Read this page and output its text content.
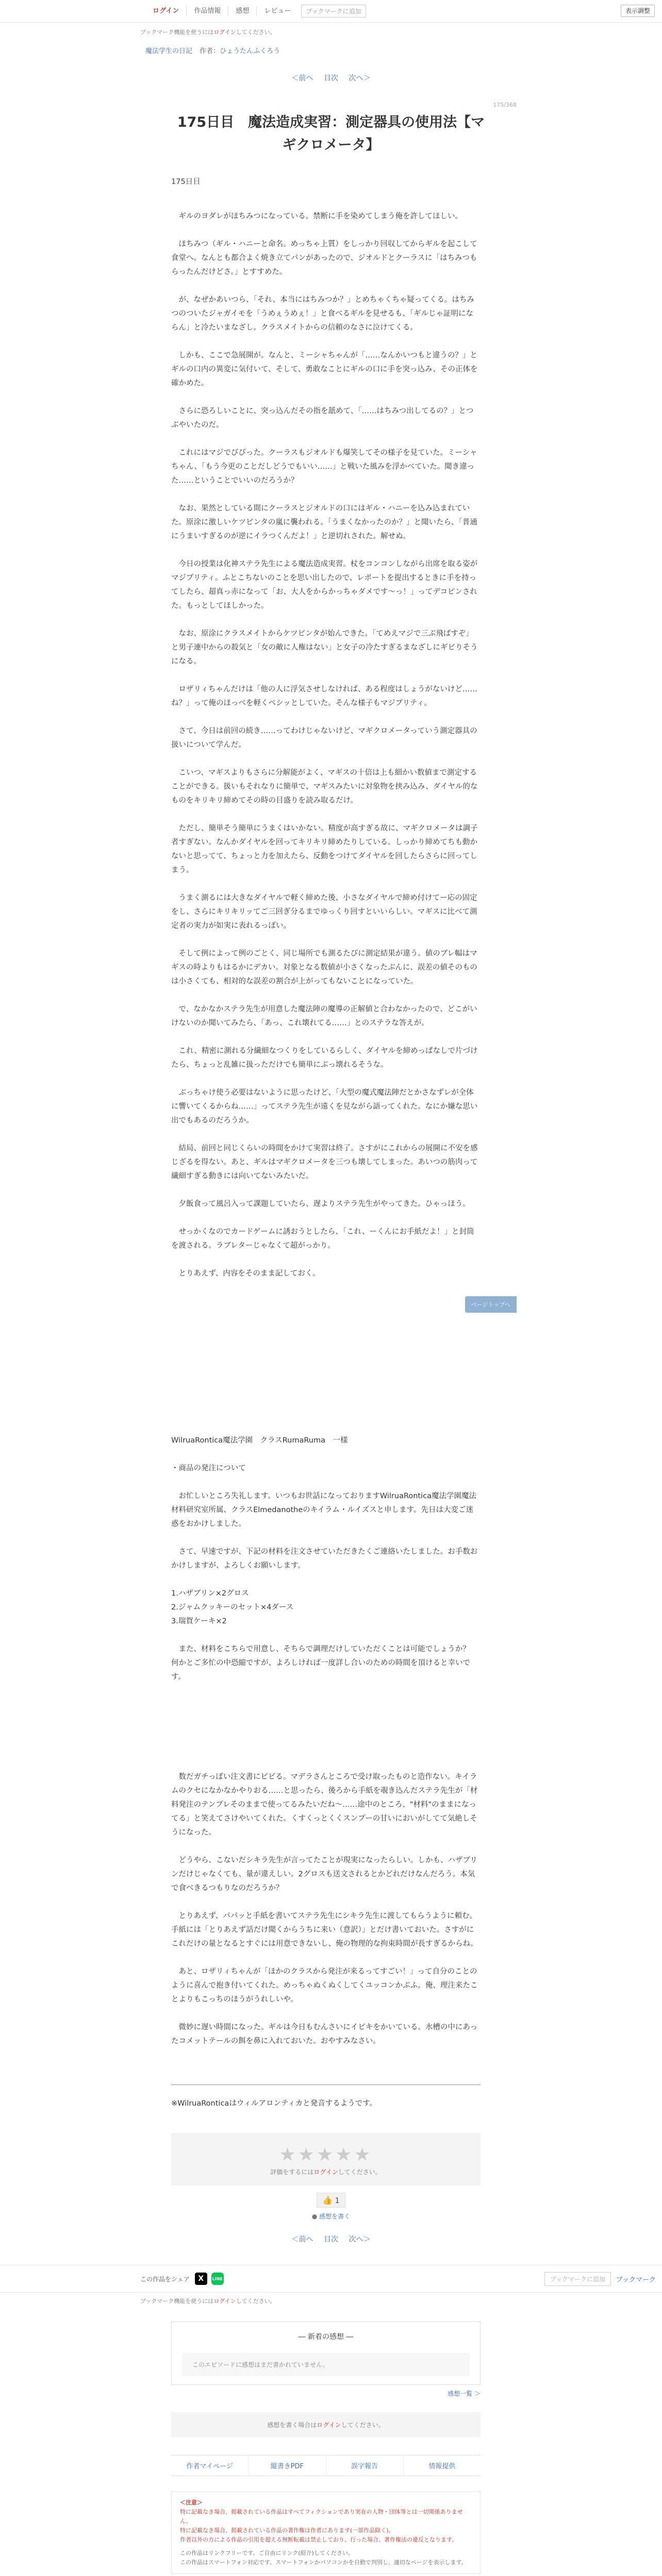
ログイン	作品情報	感想	レビュー	ブックマークに追加	表示調整
ブックマーク機能を使うにはログインしてください。
魔法学生の日記 作者：ひょうたんふくろう
＜前へ 目次 次へ＞
175/368
175日目　魔法造成実習：測定器具の使用法【マギクロメータ】

175日目

　ギルのヨダレがほちみつになっている。禁断に手を染めてしまう俺を許してほしい。

　ほちみつ（ギル・ハニーと命名。めっちゃ上質）をしっかり回収してからギルを起こして食堂へ。なんとも都合よく焼き立てパンがあったので、ジオルドとクーラスに「はちみつもらったんだけどさ。」とすすめた。

　が、なぜかあいつら、「それ、本当にはちみつか？」とめちゃくちゃ疑ってくる。はちみつのついたジャガイモを「うめぇうめぇ！」と食べるギルを見せるも、「ギルじゃ証明にならん」と冷たいまなざし。クラスメイトからの信頼のなさに泣けてくる。

　しかも、ここで急展開が。なんと、ミーシャちゃんが「……なんかいつもと違うの？」とギルの口内の異変に気付いて、そして、勇敢なことにギルの口に手を突っ込み、その正体を確かめた。

　さらに恐ろしいことに、突っ込んだその指を舐めて、「……はちみつ出してるの？」とつぶやいたのだ。

　これにはマジでびびった。クーラスもジオルドも爆笑してその様子を見ていた。ミーシャちゃん、「もう今更のことだしどうでもいい……」と戦いた風みを浮かべていた。聞き違った……ということでいいのだろうか？

　なお、果然としている間にクーラスとジオルドの口にはギル・ハニーを込み込まれていた。原涂に激しいケツビンタの嵐に襲われる。「うまくなかったのか？」と聞いたら、「普通にうまいすぎるのが逆にイラつくんだよ！」と逆切れされた。解せぬ。

　今日の授業は化神ステラ先生による魔法造成実習。杖をコンコンしながら出席を取る姿がマジプリティ。ふとこちないのことを思い出したので、レポートを提出するときに手を持ってしたら、超真っ赤になって「お、大人をからかっちゃダメです〜っ！」ってデコピンされた。もっとしてほしかった。

　なお、原涂にクラスメイトからケツビンタが始んできた。「てめえマジで三ぶ飛ばすぞ」と男子連中からの殺気と「女の敵に人権はない」と女子の冷たすぎるまなざしにギビりそうになる。

　ロザリィちゃんだけは「他の人に浮気させしなければ、ある程度はしょうがないけど……ね？」って俺のほっぺを軽くペシッとしていた。そんな様子もマジプリティ。

　さて、今日は前回の続き……ってわけじゃないけど、マギクロメータっていう測定器具の扱いについて学んだ。

　こいつ、マギスよりもさらに分解能がよく、マギスの十倍は上も細かい数値まで測定することができる。扱いもそれなりに簡単で、マギスみたいに対象物を挟み込み、ダイヤル的なものをキリキリ締めてその時の目盛りを読み取るだけ。

　ただし、簡単そう簡単にうまくはいかない。精度が高すぎる故に、マギクロメータは調子者すぎない。なんかダイヤルを回ってキリキリ締めたりしている。しっかり締めてちも動かないと思ってて、ちょっと力を加えたら、反動をつけてダイヤルを回したらさらに回ってしまう。

　うまく測るには大きなダイヤルで軽く締めた後、小さなダイヤルで締め付けてー応の固定をし、さらにキリキリッてご三回ぎ分るまでゆっくり回すといいらしい。マギスに比べて測定者の実力が如実に表れるっぽい。

　そして例によって例のごとく、同じ場所でも測るたびに測定結果が違う。値のブレ幅はマギスの時よりもはるかにデカい。対象となる数値が小さくなったぶんに、誤差の値そのものは小さくても、相対的な誤差の割合が上がってもないことになっていた。

　で、なかなかステラ先生が用意した魔法陣の魔導の正解値と合わなかったので、どこがいけないのか聞いてみたら、「あっ、これ壊れてる……」とのステラな答えが。

　これ、精密に測れる分繊細なつくりをしているらしく、ダイヤルを締めっぱなしで片づけたら、ちょっと乱雑に扱っただけでも簡単にぶっ壊れるそうな。

　ぶっちゃけ使う必要はないように思ったけど、「大型の魔式魔法陣だとかさなずレが全体に響いてくるからね……」ってステラ先生が遠くを見ながら語ってくれた。なにか嫌な思い出でもあるのだろうか。

　結局、前回と同じくらいの時間をかけて実習は終了。さすがにこれからの展開に不安を感じざるを得ない。あと、ギルはマギクロメータを三つも壊してしまった。あいつの筋肉って繊細すぎる動きには向いてないみたいだ。

　夕飯食って風呂入って課題していたら、遅よりステラ先生がやってきた。ひゃっほう。

　せっかくなのでカードゲームに誘おうとしたら、「これ、ーくんにお手紙だよ！」と封筒を渡される。ラブレターじゃなくて超がっかり。

　とりあえず、内容をそのまま記しておく。

WilruaRontica魔法学園　クラスRumaRuma　一様

・商品の発注について

　お忙しいところ失礼します。いつもお世話になっておりますWilruaRontica魔法学園魔法材料研究室所属、クラスElmedanotheのキイラム・ルイズスと申します。先日は大変ご迷惑をおかけしました。

　さて、早速ですが、下記の材料を注文させていただきたくご連絡いたしました。お手数おかけしますが、よろしくお願いします。

1.ハザブリン×2グロス
2.ジャムクッキーのセット×4ダース
3.瑞賀ケーキ×2

　また、材料をこちらで用意し、そちらで調理だけしていただくことは可能でしょうか？　何かとご多忙の中恐縮ですが、よろしければ一度詳し合いのための時間を頂けると幸いです。

　数だガチっぽい注文書にビビる。マデラさんところで受け取ったものと造作ない。キイラムのクセになかなかやりおる……と思ったら、後ろから手紙を覗き込んだステラ先生が「材料発注のテンプレそのままで使ってるみたいだね〜……途中のところ、"材料"のままになってる」と笑えてさけやいてくれた。くすくっとくくスンプーの甘いにおいがしてて気絶しそうになった。

　どうやら、こないだシキラ先生が言ってたことが現実になったらしい。しかも、ハザブリンだけじゃなくても、量が違えしい。2グロスも送文されるとかどれだけなんだろう。本気で食べきるつもりなのだろうか？

　とりあえず、パパッと手紙を書いてステラ先生にシキラ先生に渡してもらうように頼む。手紙には「とりあえず話だけ聞くからうちに来い（意訳）」とだけ書いておいた。さすがにこれだけの量となるとすぐには用意できないし、俺の物理的な拘束時間が長すぎるからね。

　あと、ロザリィちゃんが「ほかのクラスから発注が来るってすごい！」って自分のことのように喜んで抱き付いてくれた。めっちゃぬくぬくしてくユッコンかぶふ。俺、理注来たことよりもこっちのほうがうれしいや。

　微妙に遅い時間になった。ギルは今日もむんさいにイビキをかいている。水槽の中にあったコメットテールの餌を鼻に入れておいた。おやすみなさい。

※WilruaRonticaはウィルアロンティカと発音するようです。

★★★★★
評価をするにはログインしてください。
👍 1
● 感想を書く
＜前へ 目次 次へ＞
ページトップへ
この作品をシェア	X	LINE	ブックマークに追加	ブックマーク
ブックマーク機能を使うにはログインしてください。
― 新着の感想 ―
このエピソードに感想はまだ書かれていません。
感想一覧 ＞
感想を書く場合はログインしてください。
作者マイページ	縦書きPDF	誤字報告	情報提供
＜注意＞
特に記載なき場合、掲載されている作品はすべてフィクションであり実在の人物・団体等とは一切関係ありません。
特に記載なき場合、掲載されている作品の著作権は作者にあります(一部作品除く)。
作者以外の方による作品の引用を超える無断転載は禁止しており、行った場合、著作権法の違反となります。
この作品はリンクフリーです。ご自由にリンク(紹介)してください。
この作品はスマートフォン対応です。スマートフォンかパソコンかを自動で判別し、適切なページを表示します。
